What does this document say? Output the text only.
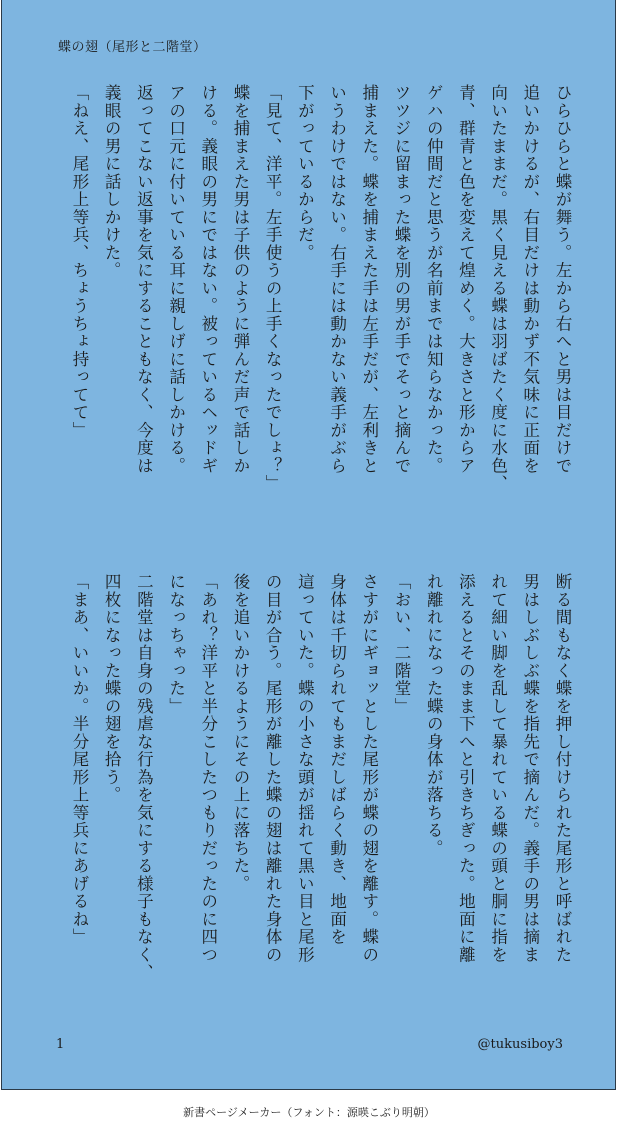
蝶の翅（尾形と二階堂）
ひらひらと蝶が舞う。左から右へと男は目だけで
追いかけるが、右目だけは動かず不気味に正面を
向いたままだ。黒く見える蝶は羽ばたく度に水色、
青、群青と色を変えて煌めく。大きさと形からア
ゲハの仲間だと思うが名前までは知らなかった。
ツツジに留まった蝶を別の男が手でそっと摘んで
捕まえた。蝶を捕まえた手は左手だが、左利きと
いうわけではない。右手には動かない義手がぶら
下がっているからだ。
「見て、洋平。左手使うの上手くなったでしょ？」
蝶を捕まえた男は子供のように弾んだ声で話しか
ける。義眼の男にではない。被っているヘッドギ
アの口元に付いている耳に親しげに話しかける。
返ってこない返事を気にすることもなく、今度は
義眼の男に話しかけた。
「ねえ、尾形上等兵、ちょうちょ持ってて」
断る間もなく蝶を押し付けられた尾形と呼ばれた
男はしぶしぶ蝶を指先で摘んだ。義手の男は摘ま
れて細い脚を乱して暴れている蝶の頭と胴に指を
添えるとそのまま下へと引きちぎった。地面に離
れ離れになった蝶の身体が落ちる。
「おい、二階堂」
さすがにギョッとした尾形が蝶の翅を離す。蝶の
身体は千切られてもまだしばらく動き、地面を
這っていた。蝶の小さな頭が揺れて黒い目と尾形
の目が合う。尾形が離した蝶の翅は離れた身体の
後を追いかけるようにその上に落ちた。
「あれ？洋平と半分こしたつもりだったのに四つ
になっちゃった」
二階堂は自身の残虐な行為を気にする様子もなく、
四枚になった蝶の翅を拾う。
「まあ、いいか。半分尾形上等兵にあげるね」
1	@tukusiboy3
新書ページメーカー（フォント：源暎こぶり明朝）
